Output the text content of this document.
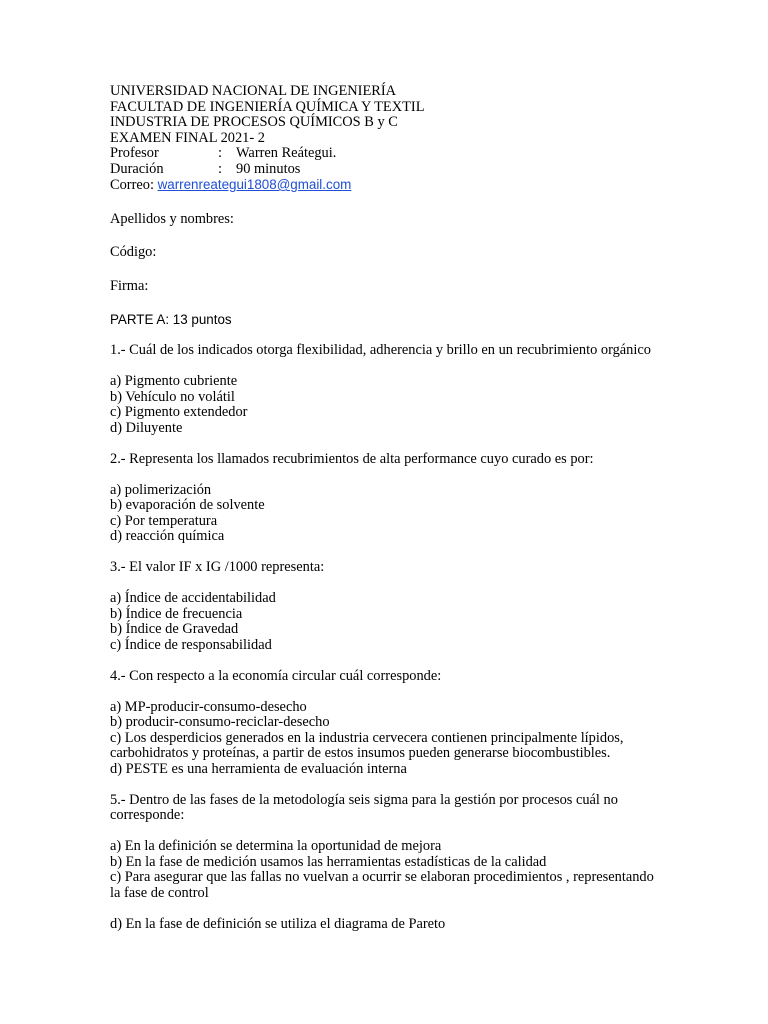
UNIVERSIDAD NACIONAL DE INGENIERÍA
FACULTAD DE INGENIERÍA QUÍMICA Y TEXTIL
INDUSTRIA DE PROCESOS QUÍMICOS B y C
EXAMEN FINAL 2021- 2
Profesor	: Warren Reátegui.
Duración	: 90 minutos
Correo: warrenreategui1808@gmail.com
Apellidos y nombres:
Código:
Firma:
PARTE A: 13 puntos
1.- Cuál de los indicados otorga flexibilidad, adherencia y brillo en un recubrimiento orgánico
a) Pigmento cubriente
b) Vehículo no volátil
c) Pigmento extendedor
d) Diluyente
2.- Representa los llamados recubrimientos de alta performance cuyo curado es por:
a) polimerización
b) evaporación de solvente
c) Por temperatura
d) reacción química
3.- El valor IF x IG /1000 representa:
a) Índice de accidentabilidad
b) Índice de frecuencia
b) Índice de Gravedad
c) Índice de responsabilidad
4.- Con respecto a la economía circular cuál corresponde:
a) MP-producir-consumo-desecho
b) producir-consumo-reciclar-desecho
c) Los desperdicios generados en la industria cervecera contienen principalmente lípidos,
carbohidratos y proteínas, a partir de estos insumos pueden generarse biocombustibles.
d) PESTE es una herramienta de evaluación interna
5.- Dentro de las fases de la metodología seis sigma para la gestión por procesos cuál no
corresponde:
a) En la definición se determina la oportunidad de mejora
b) En la fase de medición usamos las herramientas estadísticas de la calidad
c) Para asegurar que las fallas no vuelvan a ocurrir se elaboran procedimientos , representando
la fase de control
d) En la fase de definición se utiliza el diagrama de Pareto
